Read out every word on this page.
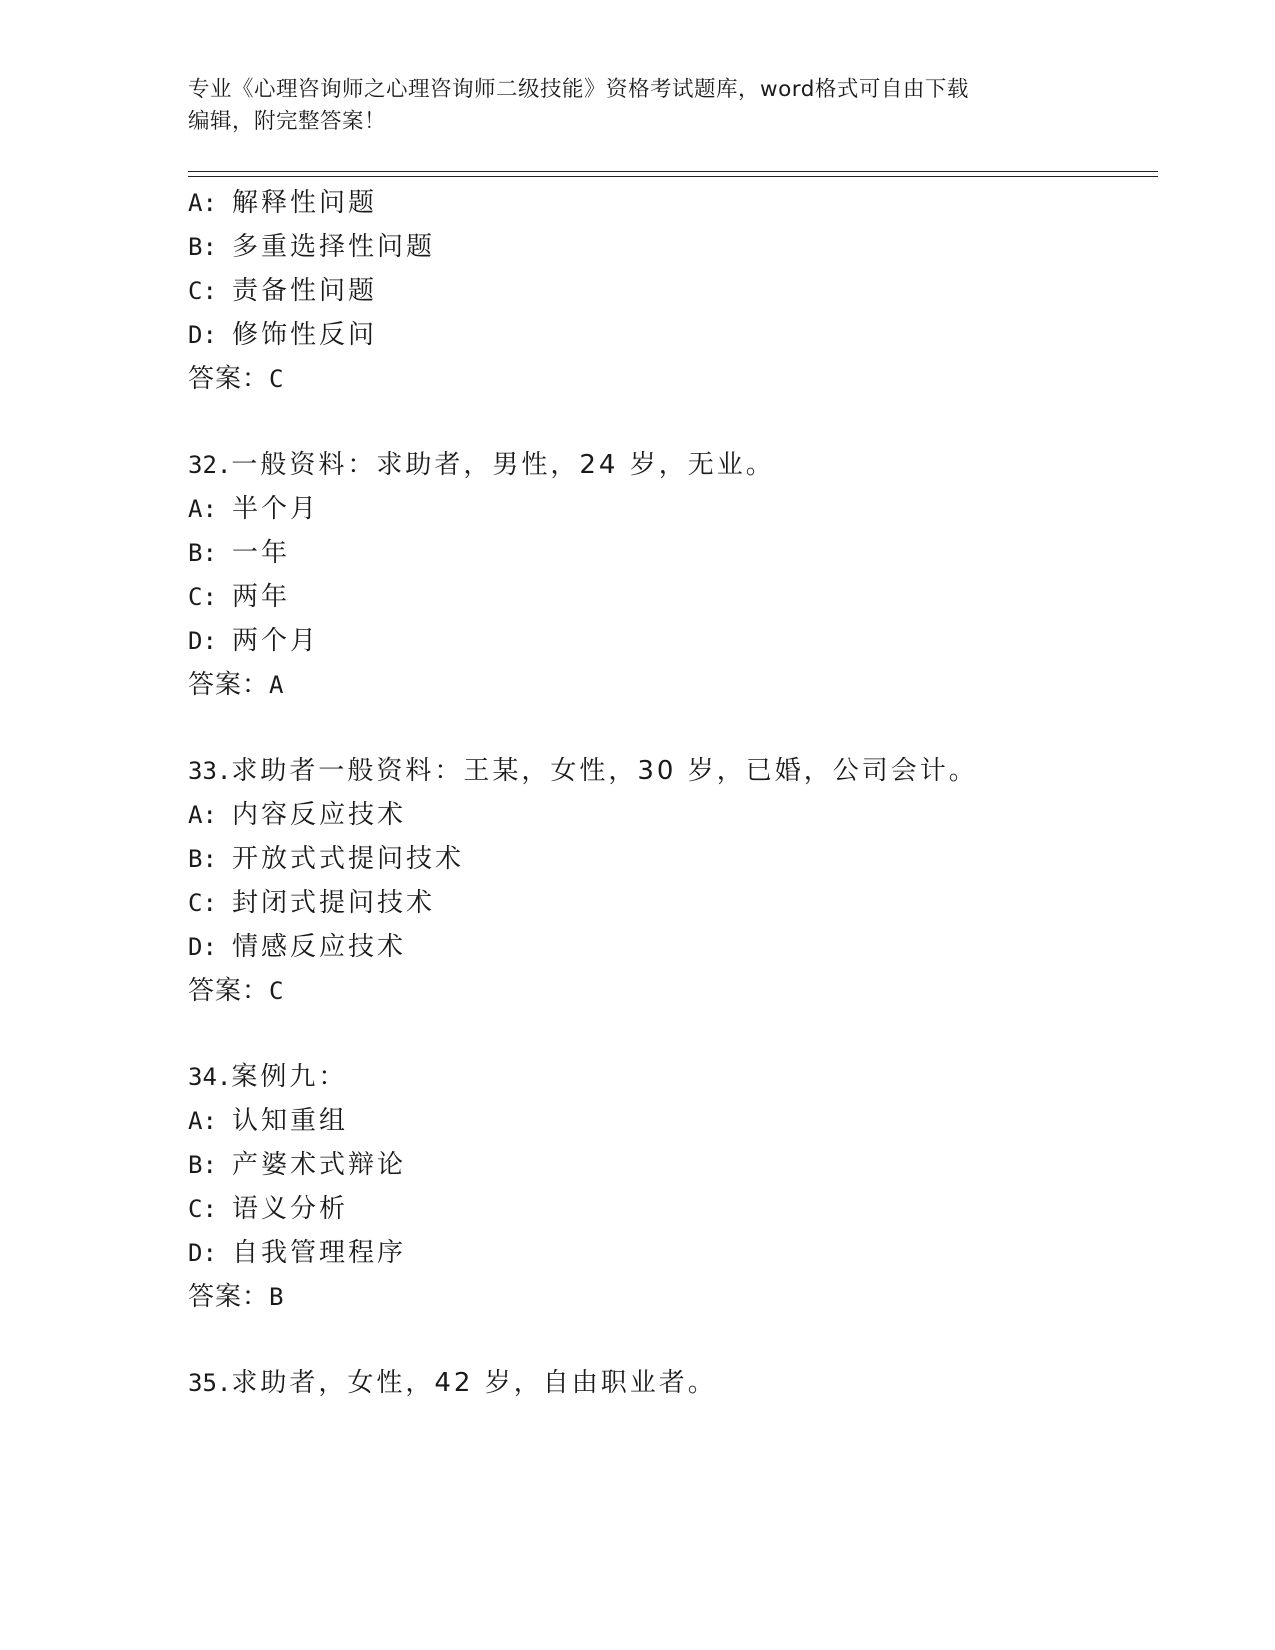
专业《心理咨询师之心理咨询师二级技能》资格考试题库，word格式可自由下载
编辑，附完整答案！
A: 解释性问题
B: 多重选择性问题
C: 责备性问题
D: 修饰性反问
答案：C
32.一般资料：求助者，男性，24 岁，无业。
A: 半个月
B: 一年
C: 两年
D: 两个月
答案：A
33.求助者一般资料：王某，女性，30 岁，已婚，公司会计。
A: 内容反应技术
B: 开放式式提问技术
C: 封闭式提问技术
D: 情感反应技术
答案：C
34.案例九：
A: 认知重组
B: 产婆术式辩论
C: 语义分析
D: 自我管理程序
答案：B
35.求助者，女性，42 岁，自由职业者。
